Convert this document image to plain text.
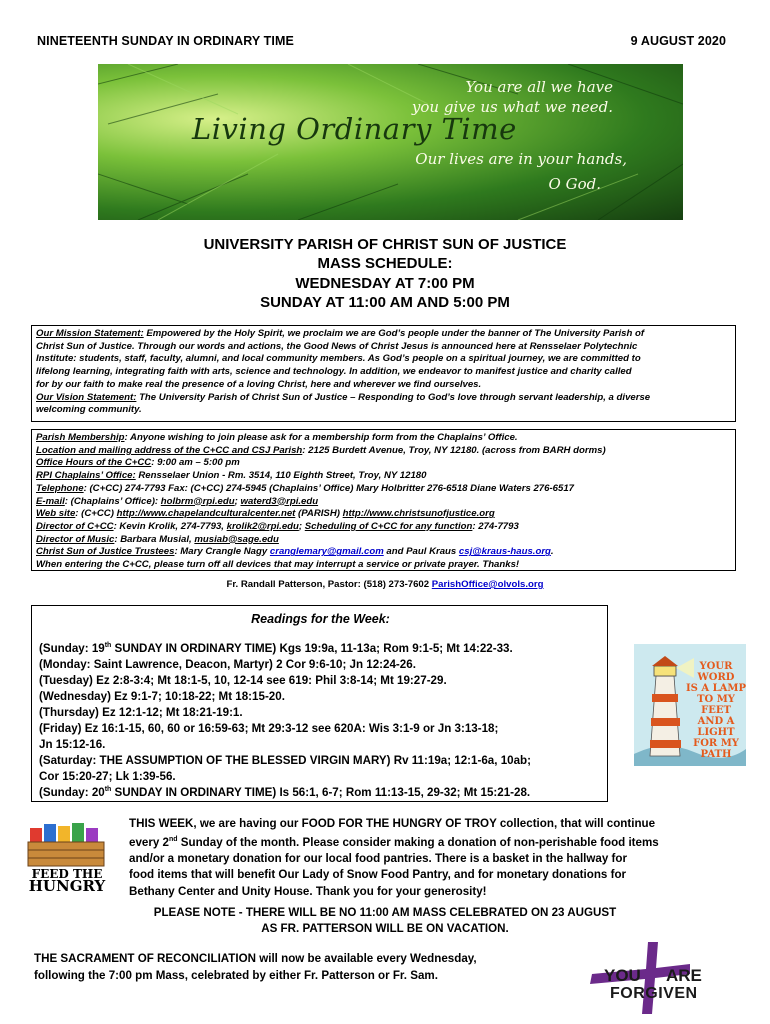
NINETEENTH SUNDAY IN ORDINARY TIME	9 AUGUST 2020
You are all we have
you give us what we need.
Living Ordinary Time
Our lives are in your hands,
O God.
UNIVERSITY PARISH OF CHRIST SUN OF JUSTICE
MASS SCHEDULE:
WEDNESDAY AT 7:00 PM
SUNDAY AT 11:00 AM AND 5:00 PM
Our Mission Statement: Empowered by the Holy Spirit, we proclaim we are God’s people under the banner of The University Parish of
Christ Sun of Justice. Through our words and actions, the Good News of Christ Jesus is announced here at Rensselaer Polytechnic
Institute: students, staff, faculty, alumni, and local community members. As God’s people on a spiritual journey, we are committed to
lifelong learning, integrating faith with arts, science and technology. In addition, we endeavor to manifest justice and charity called
for by our faith to make real the presence of a loving Christ, here and wherever we find ourselves.
Our Vision Statement: The University Parish of Christ Sun of Justice – Responding to God’s love through servant leadership, a diverse
welcoming community.
Parish Membership: Anyone wishing to join please ask for a membership form from the Chaplains’ Office.
Location and mailing address of the C+CC and CSJ Parish: 2125 Burdett Avenue, Troy, NY 12180. (across from BARH dorms)
Office Hours of the C+CC: 9:00 am – 5:00 pm
RPI Chaplains’ Office: Rensselaer Union - Rm. 3514, 110 Eighth Street, Troy, NY 12180
Telephone: (C+CC) 274-7793 Fax: (C+CC) 274-5945 (Chaplains’ Office) Mary Holbritter 276-6518 Diane Waters 276-6517
E-mail: (Chaplains’ Office): holbrm@rpi.edu; waterd3@rpi.edu
Web site: (C+CC) http://www.chapelandculturalcenter.net (PARISH) http://www.christsunofjustice.org
Director of C+CC: Kevin Krolik, 274-7793, krolik2@rpi.edu; Scheduling of C+CC for any function: 274-7793
Director of Music: Barbara Musial, musiab@sage.edu
Christ Sun of Justice Trustees: Mary Crangle Nagy cranglemary@gmail.com and Paul Kraus csj@kraus-haus.org.
When entering the C+CC, please turn off all devices that may interrupt a service or private prayer. Thanks!
Fr. Randall Patterson, Pastor: (518) 273-7602 ParishOffice@olvols.org
Readings for the Week:
(Sunday: 19th SUNDAY IN ORDINARY TIME) Kgs 19:9a, 11-13a; Rom 9:1-5; Mt 14:22-33.
(Monday: Saint Lawrence, Deacon, Martyr) 2 Cor 9:6-10; Jn 12:24-26.
(Tuesday) Ez 2:8-3:4; Mt 18:1-5, 10, 12-14 see 619: Phil 3:8-14; Mt 19:27-29.
(Wednesday) Ez 9:1-7; 10:18-22; Mt 18:15-20.
(Thursday) Ez 12:1-12; Mt 18:21-19:1.
(Friday) Ez 16:1-15, 60, 60 or 16:59-63; Mt 29:3-12 see 620A: Wis 3:1-9 or Jn 3:13-18;
Jn 15:12-16.
(Saturday: THE ASSUMPTION OF THE BLESSED VIRGIN MARY) Rv 11:19a; 12:1-6a, 10ab;
Cor 15:20-27; Lk 1:39-56.
(Sunday: 20th SUNDAY IN ORDINARY TIME) Is 56:1, 6-7; Rom 11:13-15, 29-32; Mt 15:21-28.
YOUR WORD
IS A LAMP
TO MY FEET
AND A LIGHT
FOR MY PATH
FEED THE
HUNGRY
THIS WEEK, we are having our FOOD FOR THE HUNGRY OF TROY collection, that will continue
every 2nd Sunday of the month. Please consider making a donation of non-perishable food items
and/or a monetary donation for our local food pantries. There is a basket in the hallway for
food items that will benefit Our Lady of Snow Food Pantry, and for monetary donations for
Bethany Center and Unity House. Thank you for your generosity!
PLEASE NOTE - THERE WILL BE NO 11:00 AM MASS CELEBRATED ON 23 AUGUST
AS FR. PATTERSON WILL BE ON VACATION.
THE SACRAMENT OF RECONCILIATION will now be available every Wednesday,
following the 7:00 pm Mass, celebrated by either Fr. Patterson or Fr. Sam.	YOU ARE
FORGIVEN
